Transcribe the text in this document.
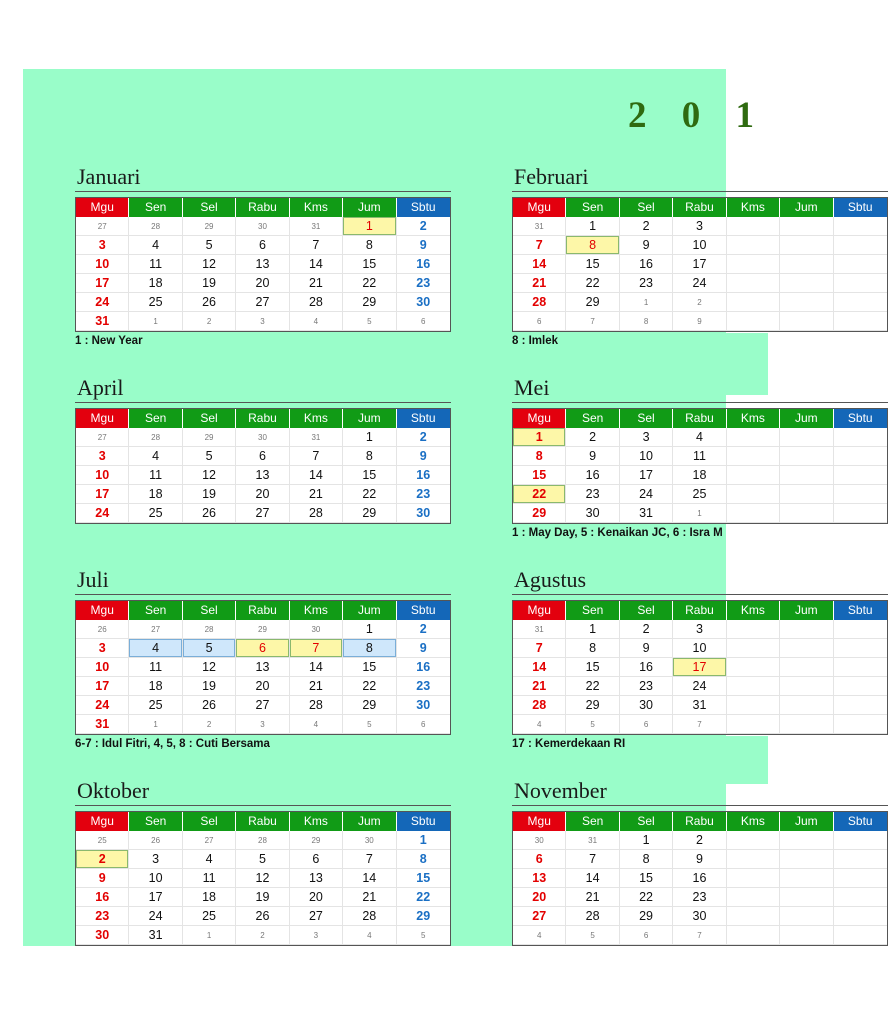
2 0 1
Januari
Mgu	Sen	Sel	Rabu	Kms	Jum	Sbtu
27	28	29	30	31	1	2
3	4	5	6	7	8	9
10	11	12	13	14	15	16
17	18	19	20	21	22	23
24	25	26	27	28	29	30
31	1	2	3	4	5	6
1 : New Year
Februari
Mgu	Sen	Sel	Rabu	Kms	Jum	Sbtu
31	1	2	3
7	8	9	10
14	15	16	17
21	22	23	24
28	29	1	2
6	7	8	9
8 : Imlek
April
Mgu	Sen	Sel	Rabu	Kms	Jum	Sbtu
27	28	29	30	31	1	2
3	4	5	6	7	8	9
10	11	12	13	14	15	16
17	18	19	20	21	22	23
24	25	26	27	28	29	30
Mei
Mgu	Sen	Sel	Rabu	Kms	Jum	Sbtu
1	2	3	4
8	9	10	11
15	16	17	18
22	23	24	25
29	30	31	1
1 : May Day, 5 : Kenaikan JC, 6 : Isra M
Juli
Mgu	Sen	Sel	Rabu	Kms	Jum	Sbtu
26	27	28	29	30	1	2
3	4	5	6	7	8	9
10	11	12	13	14	15	16
17	18	19	20	21	22	23
24	25	26	27	28	29	30
31	1	2	3	4	5	6
6-7 : Idul Fitri, 4, 5, 8 : Cuti Bersama
Agustus
Mgu	Sen	Sel	Rabu	Kms	Jum	Sbtu
31	1	2	3
7	8	9	10
14	15	16	17
21	22	23	24
28	29	30	31
4	5	6	7
17 : Kemerdekaan RI
Oktober
Mgu	Sen	Sel	Rabu	Kms	Jum	Sbtu
25	26	27	28	29	30	1
2	3	4	5	6	7	8
9	10	11	12	13	14	15
16	17	18	19	20	21	22
23	24	25	26	27	28	29
30	31	1	2	3	4	5
November
Mgu	Sen	Sel	Rabu	Kms	Jum	Sbtu
30	31	1	2
6	7	8	9
13	14	15	16
20	21	22	23
27	28	29	30
4	5	6	7
